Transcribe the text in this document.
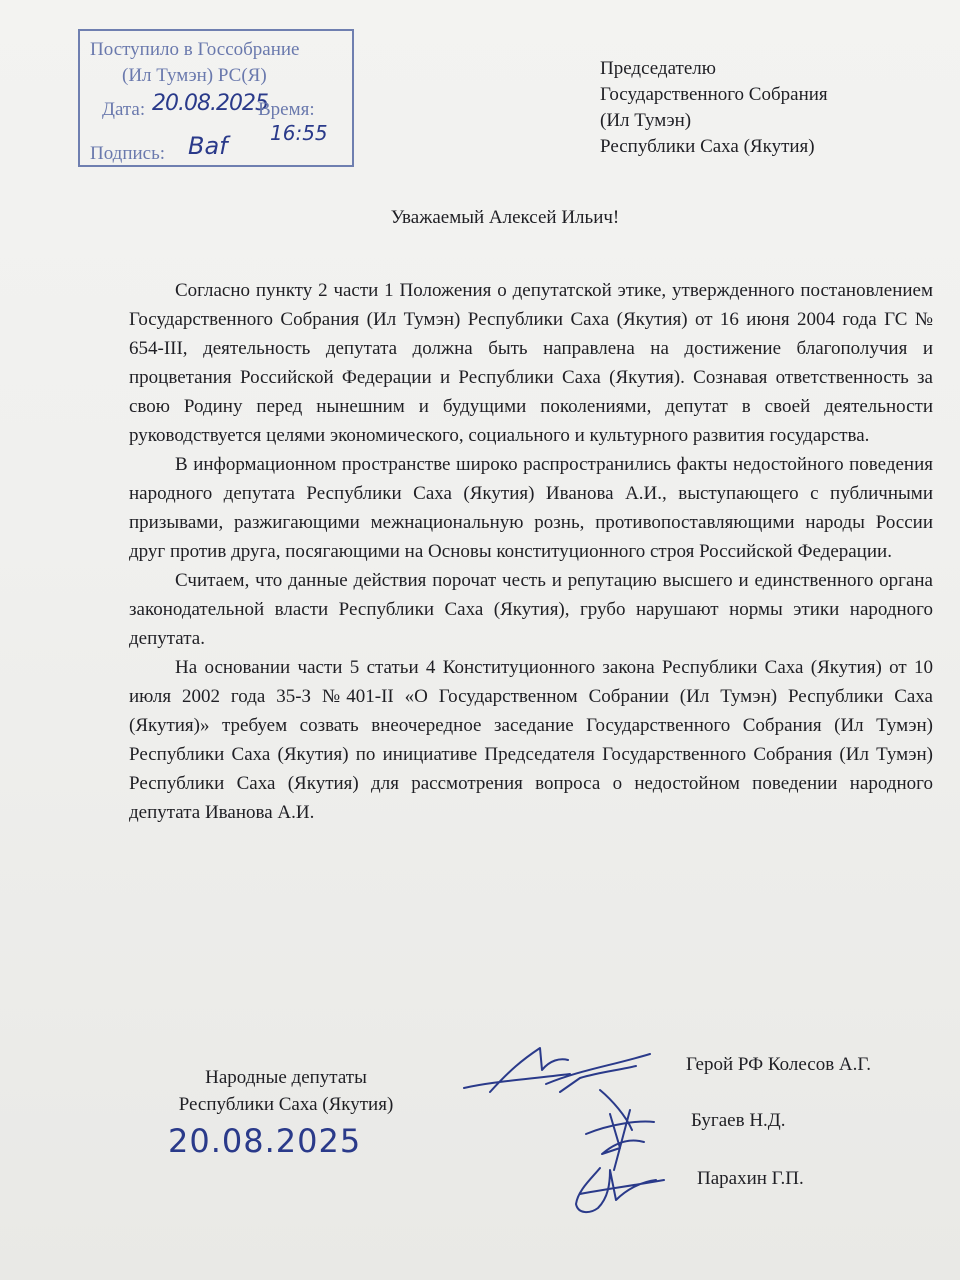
Поступило в Госсобрание
(Ил Тумэн) РС(Я)
Дата: 20.08.2025
Время:
16:55
Подпись: Ваf
Председателю
Государственного Собрания
(Ил Тумэн)
Республики Саха (Якутия)
Уважаемый Алексей Ильич!

Согласно пункту 2 части 1 Положения о депутатской этике, утвержденного постановлением Государственного Собрания (Ил Тумэн) Республики Саха (Якутия) от 16 июня 2004 года ГС № 654-III, деятельность депутата должна быть направлена на достижение благополучия и процветания Российской Федерации и Республики Саха (Якутия). Сознавая ответственность за свою Родину перед нынешним и будущими поколениями, депутат в своей деятельности руководствуется целями экономического, социального и культурного развития государства.

В информационном пространстве широко распространились факты недостойного поведения народного депутата Республики Саха (Якутия) Иванова А.И., выступающего с публичными призывами, разжигающими межнациональную рознь, противопоставляющими народы России друг против друга, посягающими на Основы конституционного строя Российской Федерации.

Считаем, что данные действия порочат честь и репутацию высшего и единственного органа законодательной власти Республики Саха (Якутия), грубо нарушают нормы этики народного депутата.

На основании части 5 статьи 4 Конституционного закона Республики Саха (Якутия) от 10 июля 2002 года 35-З №401-II «О Государственном Собрании (Ил Тумэн) Республики Саха (Якутия)» требуем созвать внеочередное заседание Государственного Собрания (Ил Тумэн) Республики Саха (Якутия) по инициативе Председателя Государственного Собрания (Ил Тумэн) Республики Саха (Якутия) для рассмотрения вопроса о недостойном поведении народного депутата Иванова А.И.

Народные депутаты
Республики Саха (Якутия)
20.08.2025
Герой РФ Колесов А.Г.
Бугаев Н.Д.
Парахин Г.П.
